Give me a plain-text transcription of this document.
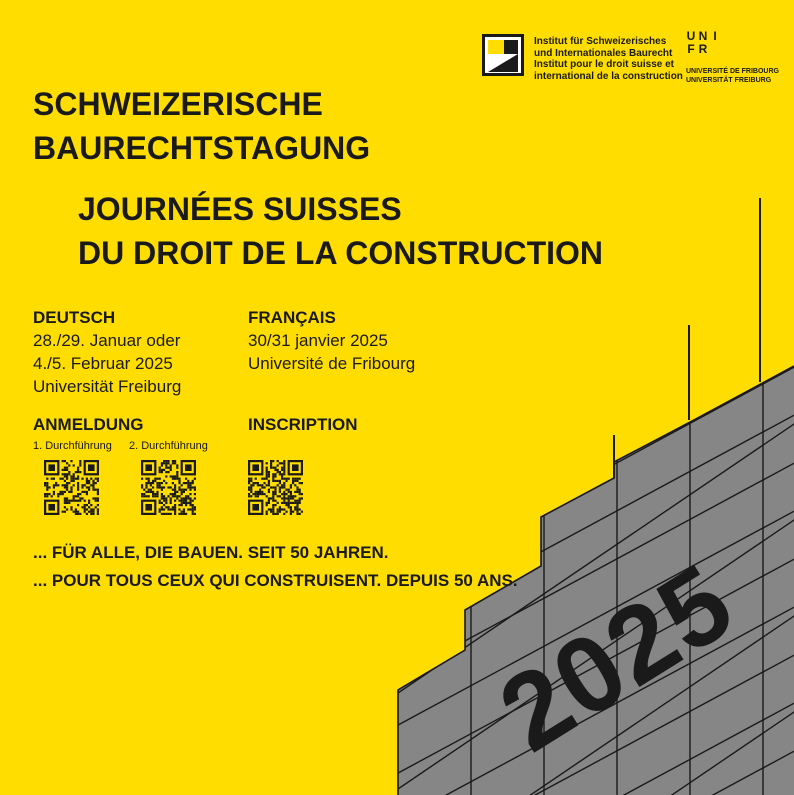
Institut für Schweizerisches
und Internationales Baurecht
Institut pour le droit suisse et
international de la construction
U N I
F R
UNIVERSITÉ DE FRIBOURG
UNIVERSITÄT FREIBURG
SCHWEIZERISCHE
BAURECHTSTAGUNG
JOURNÉES SUISSES
DU DROIT DE LA CONSTRUCTION
DEUTSCH
28./29. Januar oder
4./5. Februar 2025
Universität Freiburg
FRANÇAIS
30/31 janvier 2025
Université de Fribourg
ANMELDUNG	INSCRIPTION
1. Durchführung 2. Durchführung
... FÜR ALLE, DIE BAUEN. SEIT 50 JAHREN.
... POUR TOUS CEUX QUI CONSTRUISENT. DEPUIS 50 ANS.
2025
